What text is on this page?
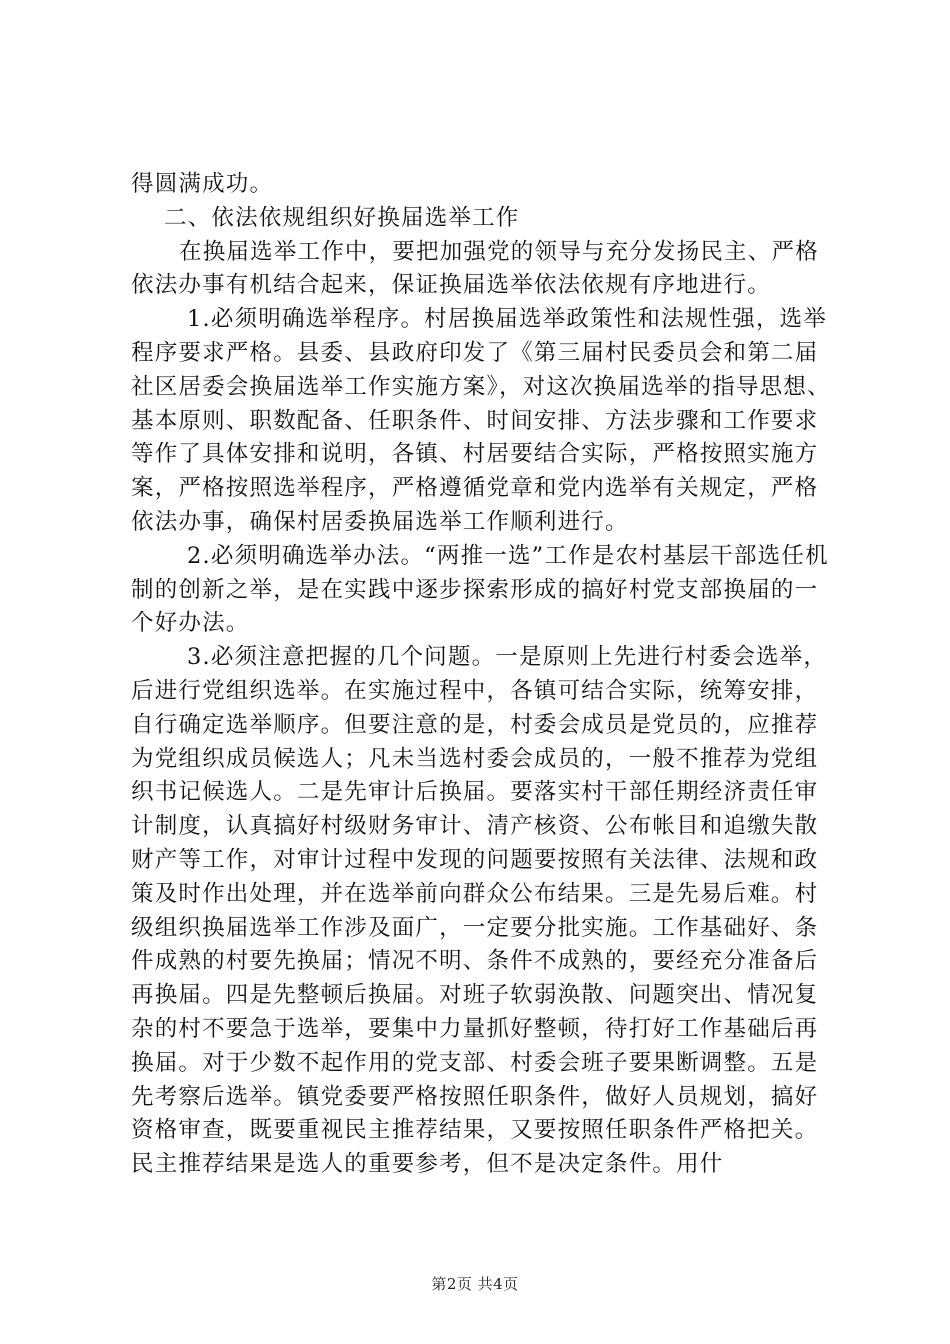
得圆满成功。

二、依法依规组织好换届选举工作

在换届选举工作中，要把加强党的领导与充分发扬民主、严格依法办事有机结合起来，保证换届选举依法依规有序地进行。

1.必须明确选举程序。村居换届选举政策性和法规性强，选举程序要求严格。县委、县政府印发了《第三届村民委员会和第二届社区居委会换届选举工作实施方案》，对这次换届选举的指导思想、基本原则、职数配备、任职条件、时间安排、方法步骤和工作要求等作了具体安排和说明，各镇、村居要结合实际，严格按照实施方案，严格按照选举程序，严格遵循党章和党内选举有关规定，严格依法办事，确保村居委换届选举工作顺利进行。

2.必须明确选举办法。“两推一选”工作是农村基层干部选任机制的创新之举，是在实践中逐步探索形成的搞好村党支部换届的一个好办法。

3.必须注意把握的几个问题。一是原则上先进行村委会选举，后进行党组织选举。在实施过程中，各镇可结合实际，统筹安排，自行确定选举顺序。但要注意的是，村委会成员是党员的，应推荐为党组织成员候选人；凡未当选村委会成员的，一般不推荐为党组织书记候选人。二是先审计后换届。要落实村干部任期经济责任审计制度，认真搞好村级财务审计、清产核资、公布帐目和追缴失散财产等工作，对审计过程中发现的问题要按照有关法律、法规和政策及时作出处理，并在选举前向群众公布结果。三是先易后难。村级组织换届选举工作涉及面广，一定要分批实施。工作基础好、条件成熟的村要先换届；情况不明、条件不成熟的，要经充分准备后再换届。四是先整顿后换届。对班子软弱涣散、问题突出、情况复杂的村不要急于选举，要集中力量抓好整顿，待打好工作基础后再换届。对于少数不起作用的党支部、村委会班子要果断调整。五是先考察后选举。镇党委要严格按照任职条件，做好人员规划，搞好资格审查，既要重视民主推荐结果，又要按照任职条件严格把关。民主推荐结果是选人的重要参考，但不是决定条件。用什

第2页 共4页
